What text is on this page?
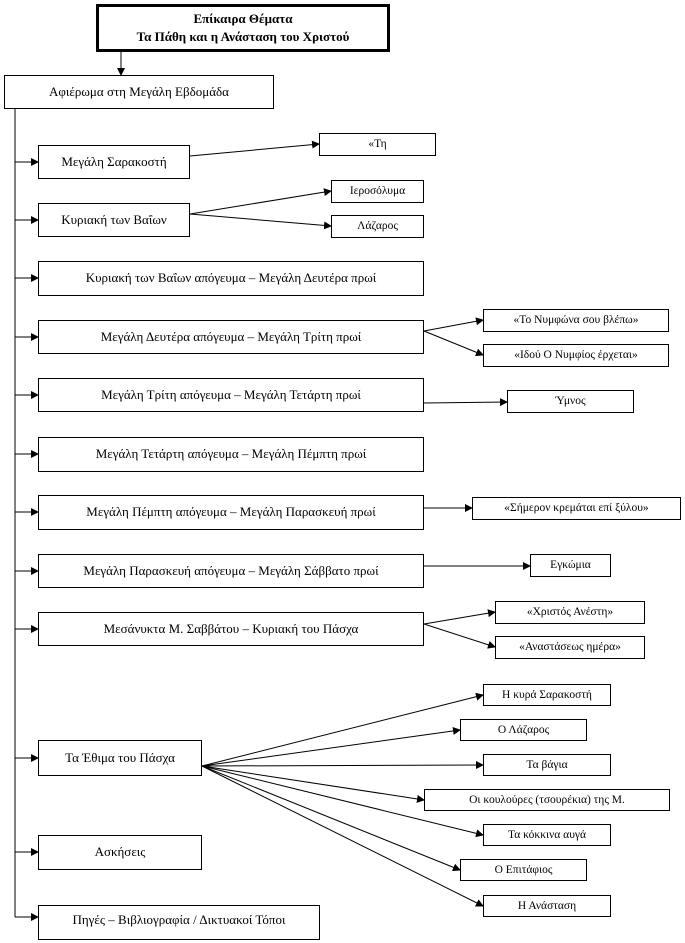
Επίκαιρα Θέματα
Τα Πάθη και η Ανάσταση του Χριστού
Αφιέρωμα στη Μεγάλη Εβδομάδα
Μεγάλη Σαρακοστή
Κυριακή των Βαΐων
Κυριακή των Βαΐων απόγευμα – Μεγάλη Δευτέρα πρωί
Μεγάλη Δευτέρα απόγευμα – Μεγάλη Τρίτη πρωί
Μεγάλη Τρίτη απόγευμα – Μεγάλη Τετάρτη πρωί
Μεγάλη Τετάρτη απόγευμα – Μεγάλη Πέμπτη πρωί
Μεγάλη Πέμπτη απόγευμα – Μεγάλη Παρασκευή πρωί
Μεγάλη Παρασκευή απόγευμα – Μεγάλη Σάββατο πρωί
Μεσάνυκτα Μ. Σαββάτου – Κυριακή του Πάσχα
Τα Έθιμα του Πάσχα
Ασκήσεις
Πηγές – Βιβλιογραφία / Δικτυακοί Τόποι
«Τη
Ιεροσόλυμα
Λάζαρος
«Το Νυμφώνα σου βλέπω»
«Ιδού Ο Νυμφίος έρχεται»
Ύμνος
«Σήμερον κρεμάται επί ξύλου»
Εγκώμια
«Χριστός Ανέστη»
«Αναστάσεως ημέρα»
Η κυρά Σαρακοστή
Ο Λάζαρος
Τα βάγια
Οι κουλούρες (τσουρέκια) της Μ.
Τα κόκκινα αυγά
Ο Επιτάφιος
Η Ανάσταση
